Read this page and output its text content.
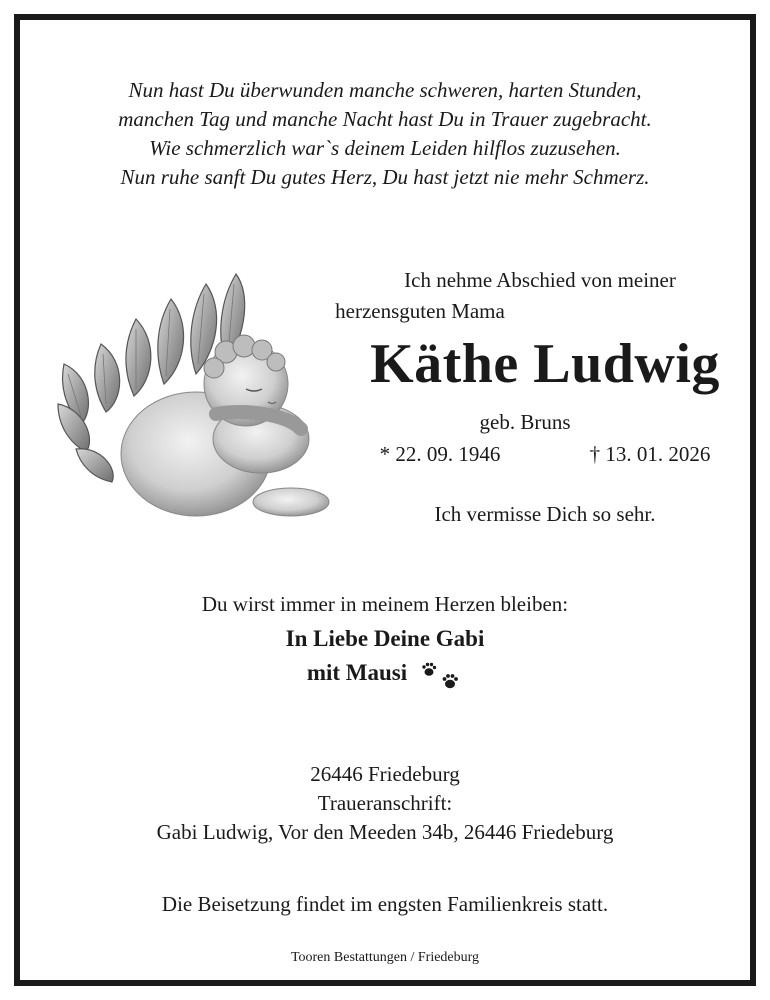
Nun hast Du überwunden manche schweren, harten Stunden,
manchen Tag und manche Nacht hast Du in Trauer zugebracht.
Wie schmerzlich war`s deinem Leiden hilflos zuzusehen.
Nun ruhe sanft Du gutes Herz, Du hast jetzt nie mehr Schmerz.
Ich nehme Abschied von meiner
herzensguten Mama
Käthe Ludwig
geb. Bruns
* 22. 09. 1946	† 13. 01. 2026
Ich vermisse Dich so sehr.
Du wirst immer in meinem Herzen bleiben:
In Liebe Deine Gabi
mit Mausi
26446 Friedeburg
Traueranschrift:
Gabi Ludwig, Vor den Meeden 34b, 26446 Friedeburg
Die Beisetzung findet im engsten Familienkreis statt.
Tooren Bestattungen / Friedeburg
